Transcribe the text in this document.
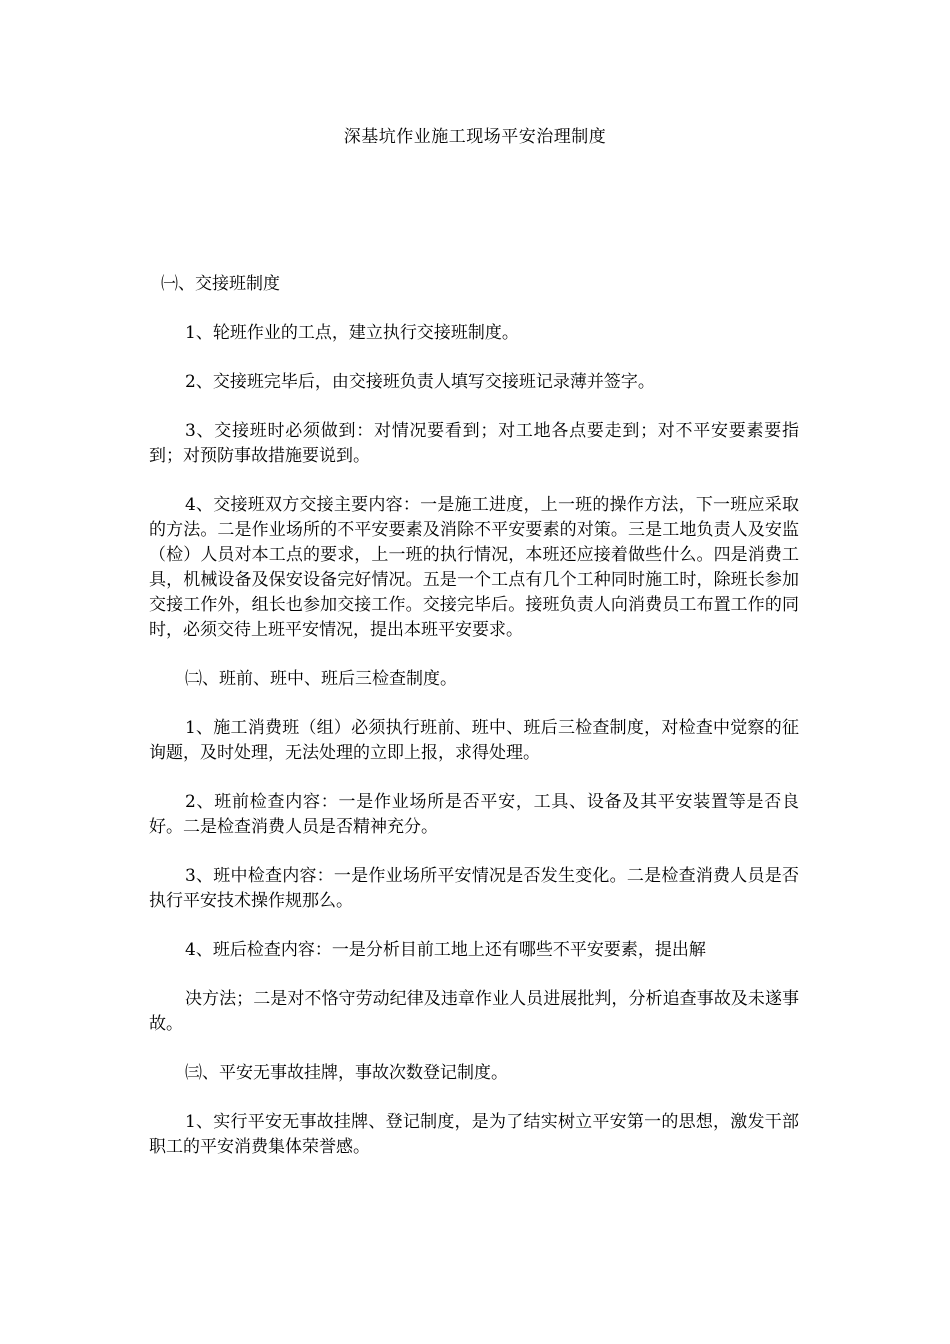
深基坑作业施工现场平安治理制度

㈠、交接班制度

1、轮班作业的工点，建立执行交接班制度。

2、交接班完毕后，由交接班负责人填写交接班记录薄并签字。

3、交接班时必须做到：对情况要看到；对工地各点要走到；对不平安要素要指到；对预防事故措施要说到。

4、交接班双方交接主要内容：一是施工进度，上一班的操作方法，下一班应采取的方法。二是作业场所的不平安要素及消除不平安要素的对策。三是工地负责人及安监（检）人员对本工点的要求，上一班的执行情况，本班还应接着做些什么。四是消费工具，机械设备及保安设备完好情况。五是一个工点有几个工种同时施工时，除班长参加交接工作外，组长也参加交接工作。交接完毕后。接班负责人向消费员工布置工作的同时，必须交待上班平安情况，提出本班平安要求。

㈡、班前、班中、班后三检查制度。

1、施工消费班（组）必须执行班前、班中、班后三检查制度，对检查中觉察的征询题，及时处理，无法处理的立即上报，求得处理。

2、班前检查内容：一是作业场所是否平安，工具、设备及其平安装置等是否良好。二是检查消费人员是否精神充分。

3、班中检查内容：一是作业场所平安情况是否发生变化。二是检查消费人员是否执行平安技术操作规那么。

4、班后检查内容：一是分析目前工地上还有哪些不平安要素，提出解

决方法；二是对不恪守劳动纪律及违章作业人员进展批判，分析追查事故及未遂事故。

㈢、平安无事故挂牌，事故次数登记制度。

1、实行平安无事故挂牌、登记制度，是为了结实树立平安第一的思想，激发干部职工的平安消费集体荣誉感。
